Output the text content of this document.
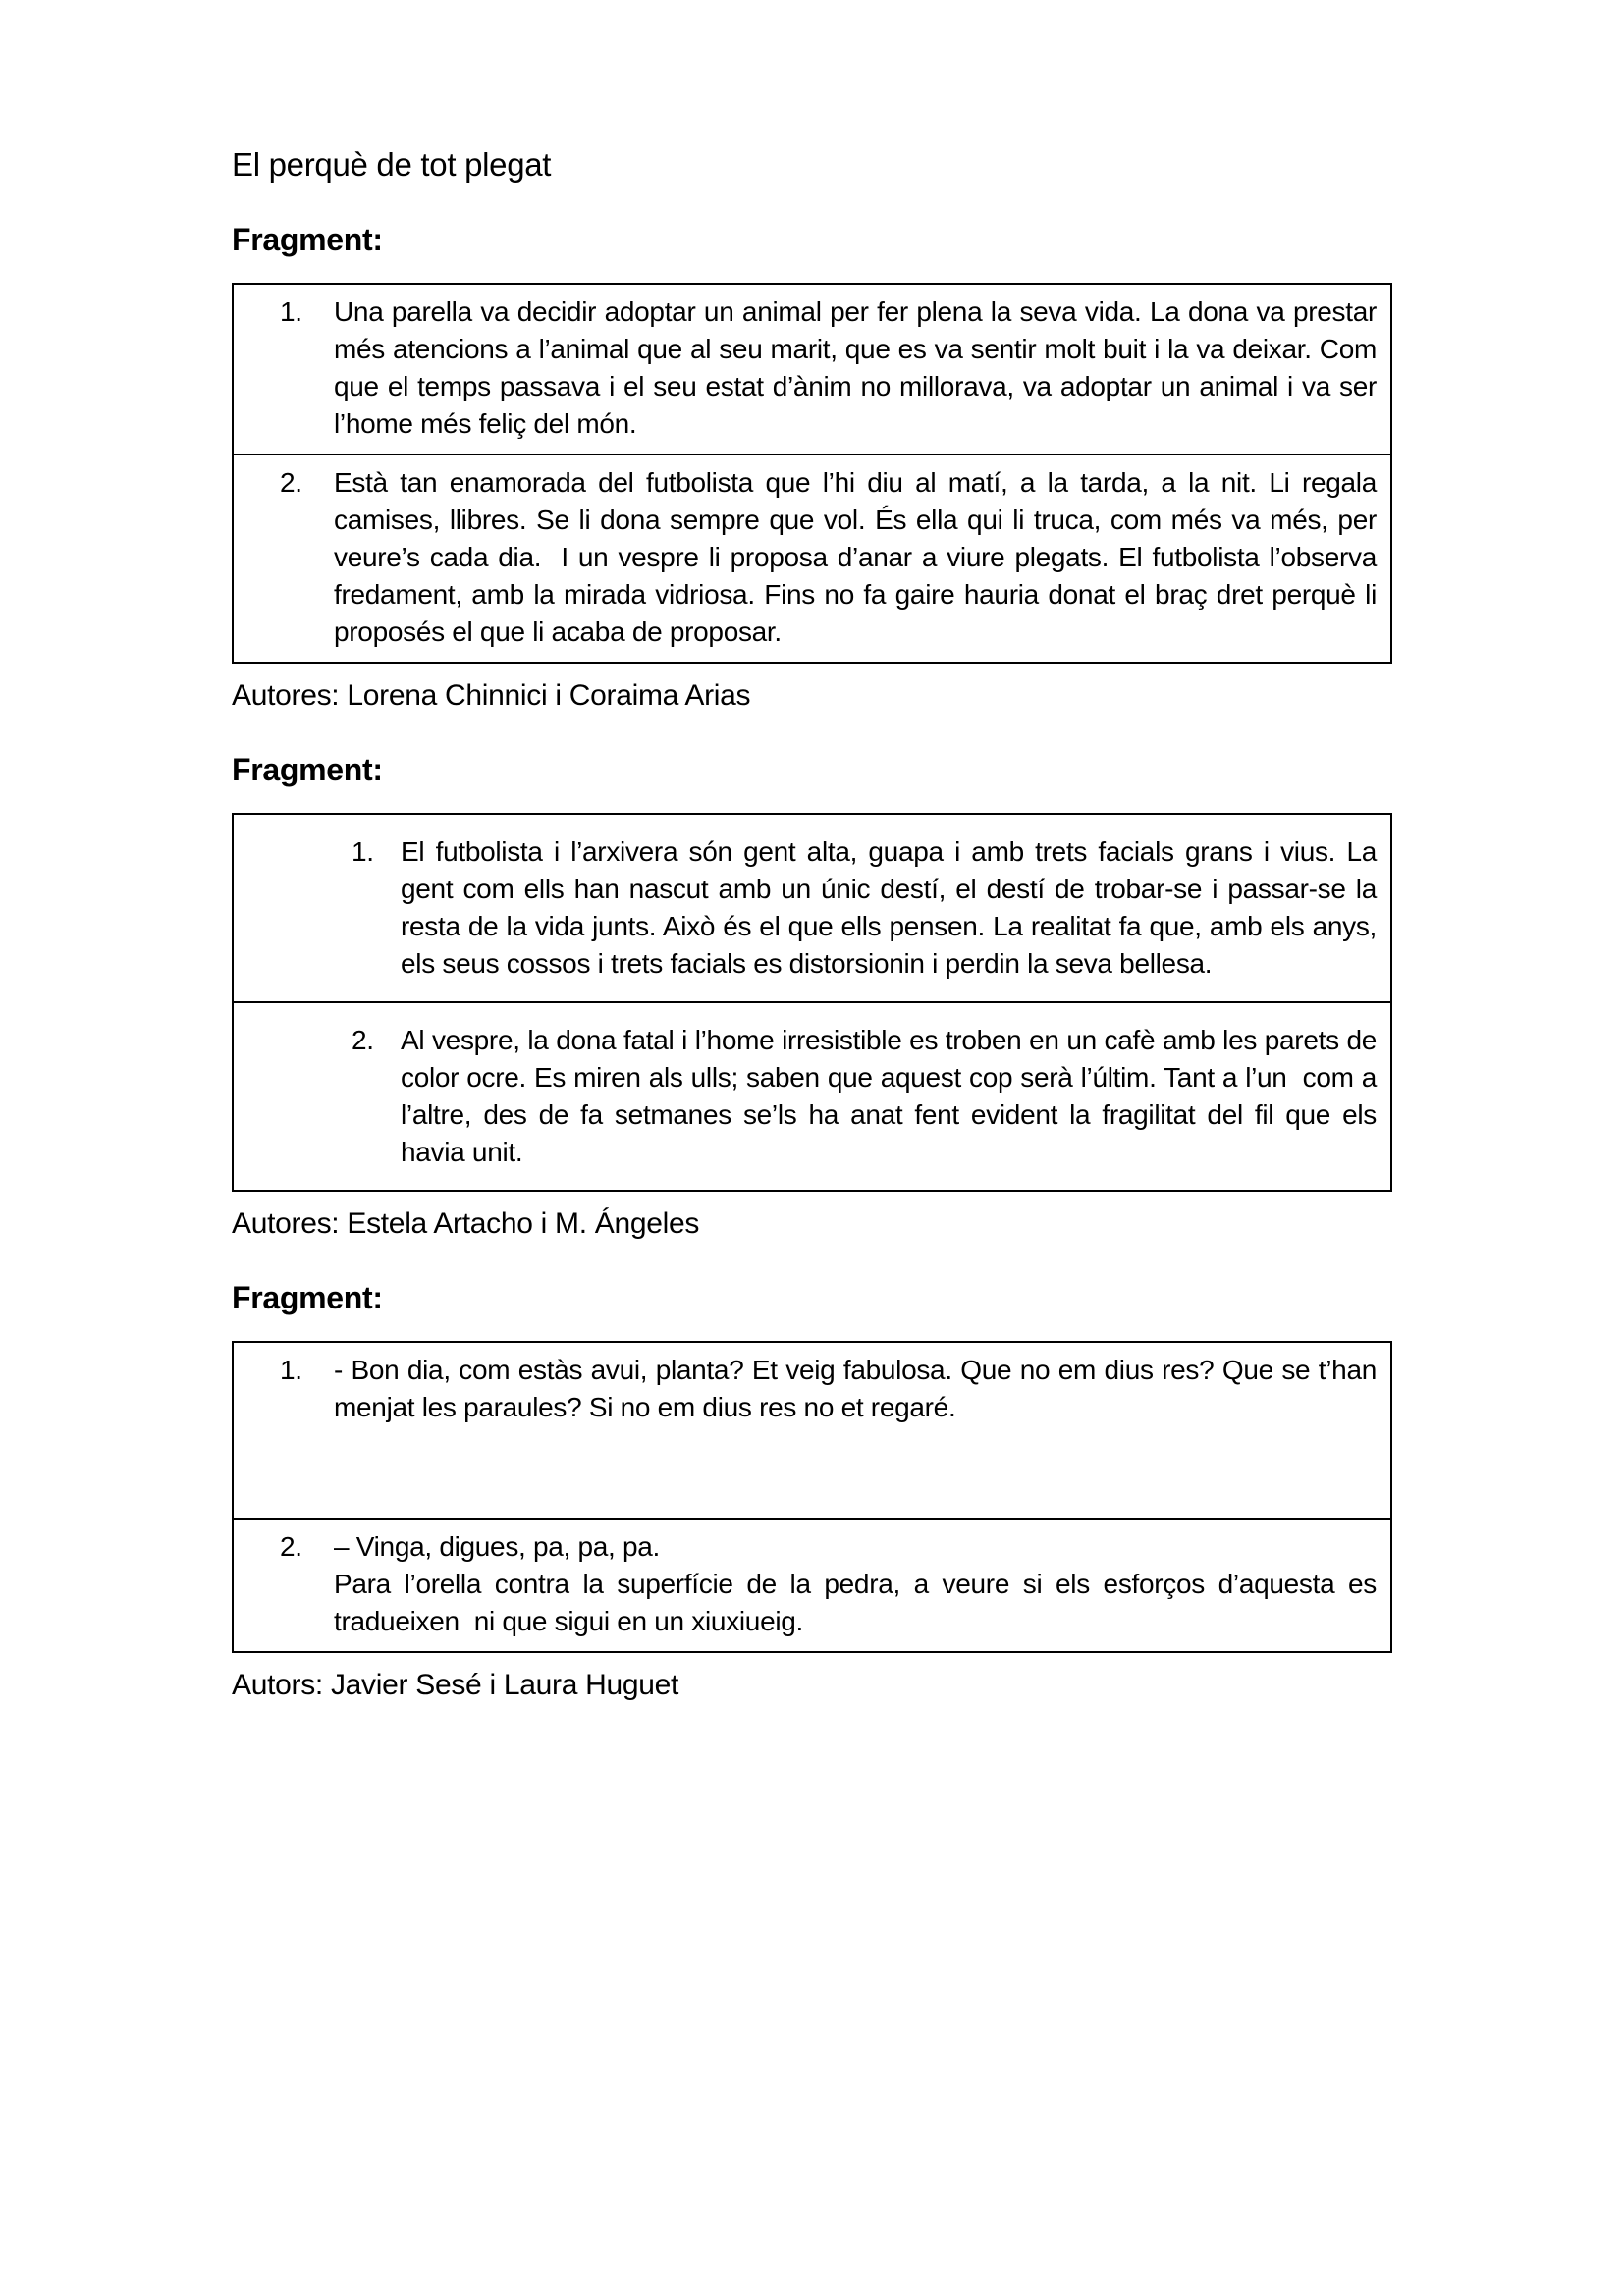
El perquè de tot plegat
Fragment:
1.	Una parella va decidir adoptar un animal per fer plena la seva vida. La dona va prestar més atencions a l’animal que al seu marit, que es va sentir molt buit i la va deixar. Com que el temps passava i el seu estat d’ànim no millorava, va adoptar un animal i va ser l’home més feliç del món.

2.	Està tan enamorada del futbolista que l’hi diu al matí, a la tarda, a la nit. Li regala camises, llibres. Se li dona sempre que vol. És ella qui li truca, com més va més, per veure’s cada dia.  I un vespre li proposa d’anar a viure plegats. El futbolista l’observa fredament, amb la mirada vidriosa. Fins no fa gaire hauria donat el braç dret perquè li proposés el que li acaba de proposar.
Autores: Lorena Chinnici i Coraima Arias
Fragment:
1. El futbolista i l’arxivera són gent alta, guapa i amb trets facials grans i vius. La gent com ells han nascut amb un únic destí, el destí de trobar-se i passar-se la resta de la vida junts. Això és el que ells pensen. La realitat fa que, amb els anys, els seus cossos i trets facials es distorsionin i perdin la seva bellesa.

2. Al vespre, la dona fatal i l’home irresistible es troben en un cafè amb les parets de color ocre. Es miren als ulls; saben que aquest cop serà l’últim. Tant a l’un  com a l’altre, des de fa setmanes se’ls ha anat fent evident la fragilitat del fil que els havia unit.
Autores: Estela Artacho i M. Ángeles
Fragment:
1.	- Bon dia, com estàs avui, planta? Et veig fabulosa. Que no em dius res? Que se t’han menjat les paraules? Si no em dius res no et regaré.

2.	– Vinga, digues, pa, pa, pa.
Para l’orella contra la superfície de la pedra, a veure si els esforços d’aquesta es tradueixen  ni que sigui en un xiuxiueig.
Autors: Javier Sesé i Laura Huguet
